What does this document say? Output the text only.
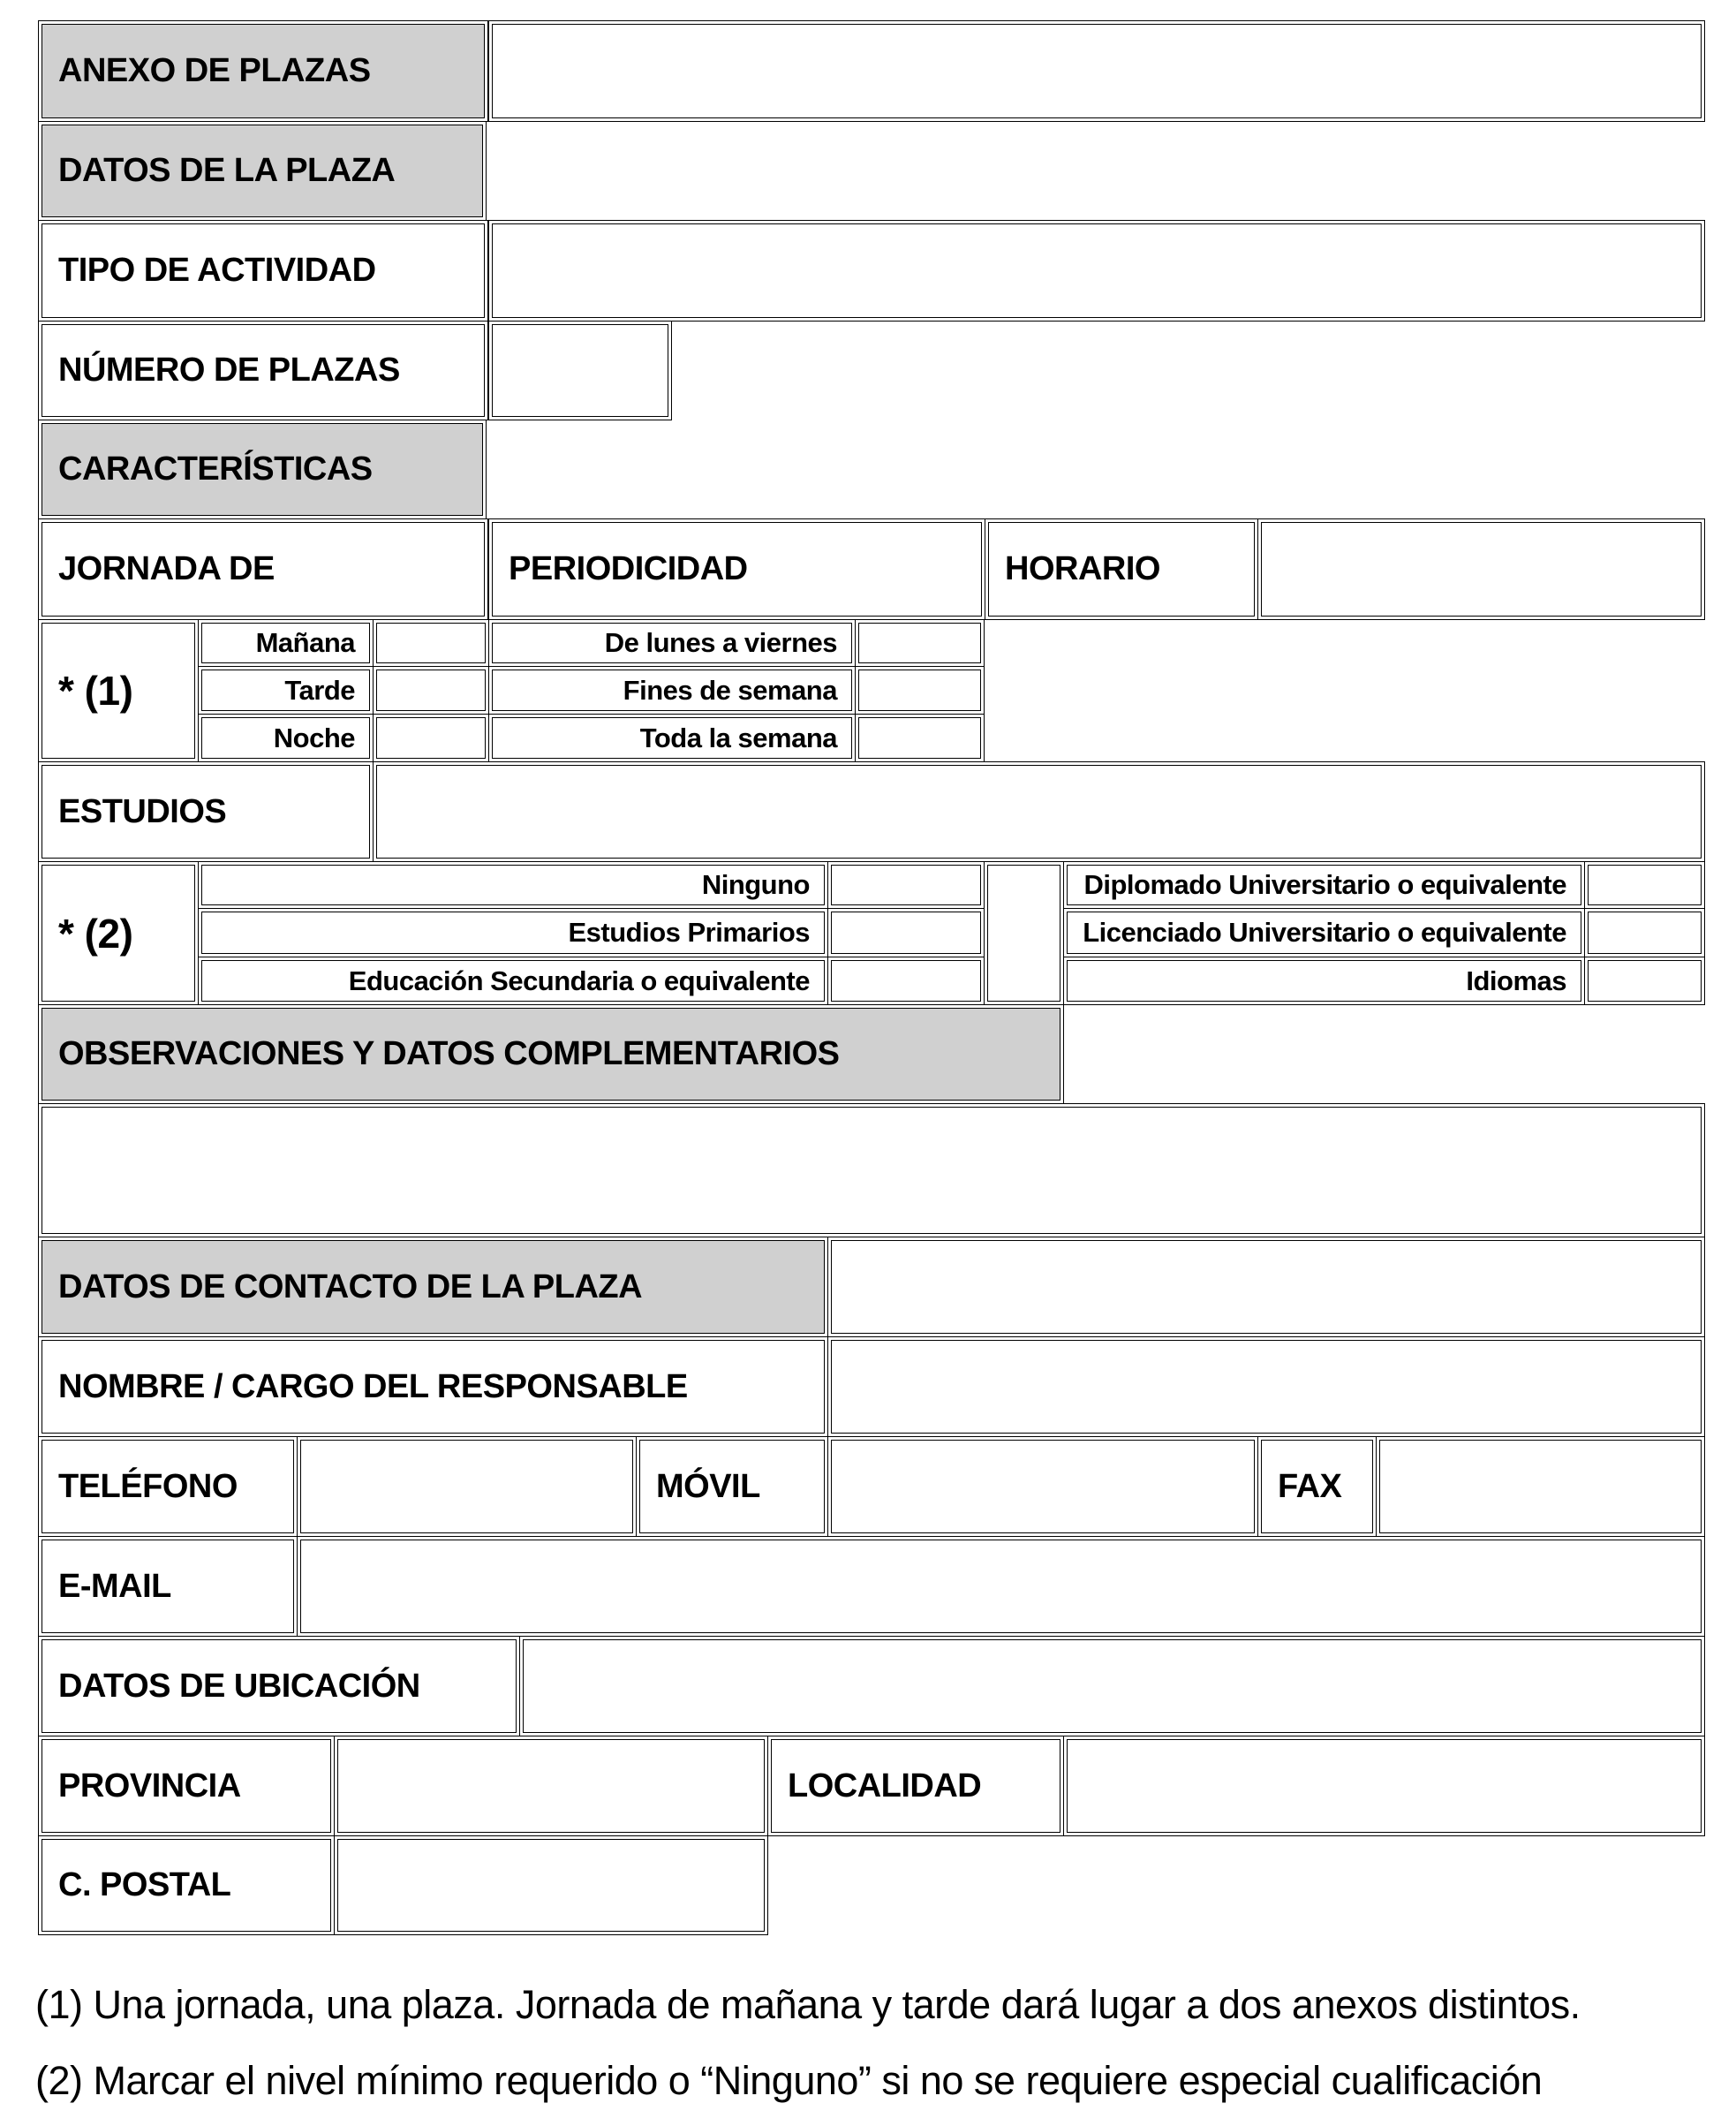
ANEXO DE PLAZAS
DATOS DE LA PLAZA
TIPO DE ACTIVIDAD
NÚMERO DE PLAZAS
CARACTERÍSTICAS
JORNADA DE	PERIODICIDAD	HORARIO
* (1)
Mañana	De lunes a viernes
Tarde	Fines de semana
Noche	Toda la semana
ESTUDIOS
* (2)
Ninguno	Diplomado Universitario o equivalente
Estudios Primarios	Licenciado Universitario o equivalente
Educación Secundaria o equivalente	Idiomas
OBSERVACIONES Y DATOS COMPLEMENTARIOS
DATOS DE CONTACTO DE LA PLAZA
NOMBRE / CARGO DEL RESPONSABLE
TELÉFONO	MÓVIL	FAX
E-MAIL
DATOS DE UBICACIÓN
PROVINCIA	LOCALIDAD
C. POSTAL
(1) Una jornada, una plaza. Jornada de mañana y tarde dará lugar a dos anexos distintos.
(2) Marcar el nivel mínimo requerido o “Ninguno” si no se requiere especial cualificación
